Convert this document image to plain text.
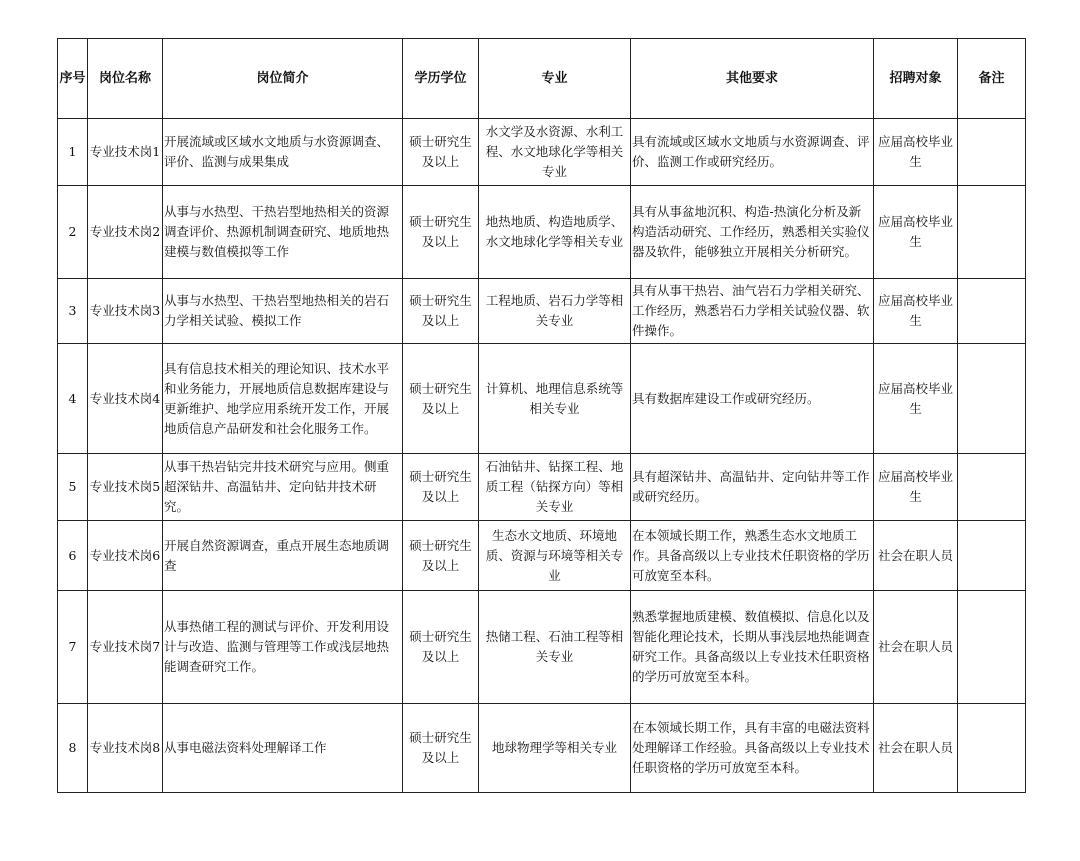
序号	岗位名称	岗位简介	学历学位	专业	其他要求	招聘对象	备注
1	专业技术岗1	开展流域或区域水文地质与水资源调查、评价、监测与成果集成	硕士研究生及以上	水文学及水资源、水利工程、水文地球化学等相关专业	具有流域或区域水文地质与水资源调查、评价、监测工作或研究经历。	应届高校毕业生	
2	专业技术岗2	从事与水热型、干热岩型地热相关的资源调查评价、热源机制调查研究、地质地热建模与数值模拟等工作	硕士研究生及以上	地热地质、构造地质学、水文地球化学等相关专业	具有从事盆地沉积、构造-热演化分析及新构造活动研究、工作经历，熟悉相关实验仪器及软件，能够独立开展相关分析研究。	应届高校毕业生	
3	专业技术岗3	从事与水热型、干热岩型地热相关的岩石力学相关试验、模拟工作	硕士研究生及以上	工程地质、岩石力学等相关专业	具有从事干热岩、油气岩石力学相关研究、工作经历，熟悉岩石力学相关试验仪器、软件操作。	应届高校毕业生	
4	专业技术岗4	具有信息技术相关的理论知识、技术水平和业务能力，开展地质信息数据库建设与更新维护、地学应用系统开发工作，开展地质信息产品研发和社会化服务工作。	硕士研究生及以上	计算机、地理信息系统等相关专业	具有数据库建设工作或研究经历。	应届高校毕业生	
5	专业技术岗5	从事干热岩钻完井技术研究与应用。侧重超深钻井、高温钻井、定向钻井技术研究。	硕士研究生及以上	石油钻井、钻探工程、地质工程（钻探方向）等相关专业	具有超深钻井、高温钻井、定向钻井等工作或研究经历。	应届高校毕业生	
6	专业技术岗6	开展自然资源调查，重点开展生态地质调查	硕士研究生及以上	生态水文地质、环境地质、资源与环境等相关专业	在本领域长期工作，熟悉生态水文地质工作。具备高级以上专业技术任职资格的学历可放宽至本科。	社会在职人员	
7	专业技术岗7	从事热储工程的测试与评价、开发利用设计与改造、监测与管理等工作或浅层地热能调查研究工作。	硕士研究生及以上	热储工程、石油工程等相关专业	熟悉掌握地质建模、数值模拟、信息化以及智能化理论技术，长期从事浅层地热能调查研究工作。具备高级以上专业技术任职资格的学历可放宽至本科。	社会在职人员	
8	专业技术岗8	从事电磁法资料处理解译工作	硕士研究生及以上	地球物理学等相关专业	在本领域长期工作，具有丰富的电磁法资料处理解译工作经验。具备高级以上专业技术任职资格的学历可放宽至本科。	社会在职人员	
